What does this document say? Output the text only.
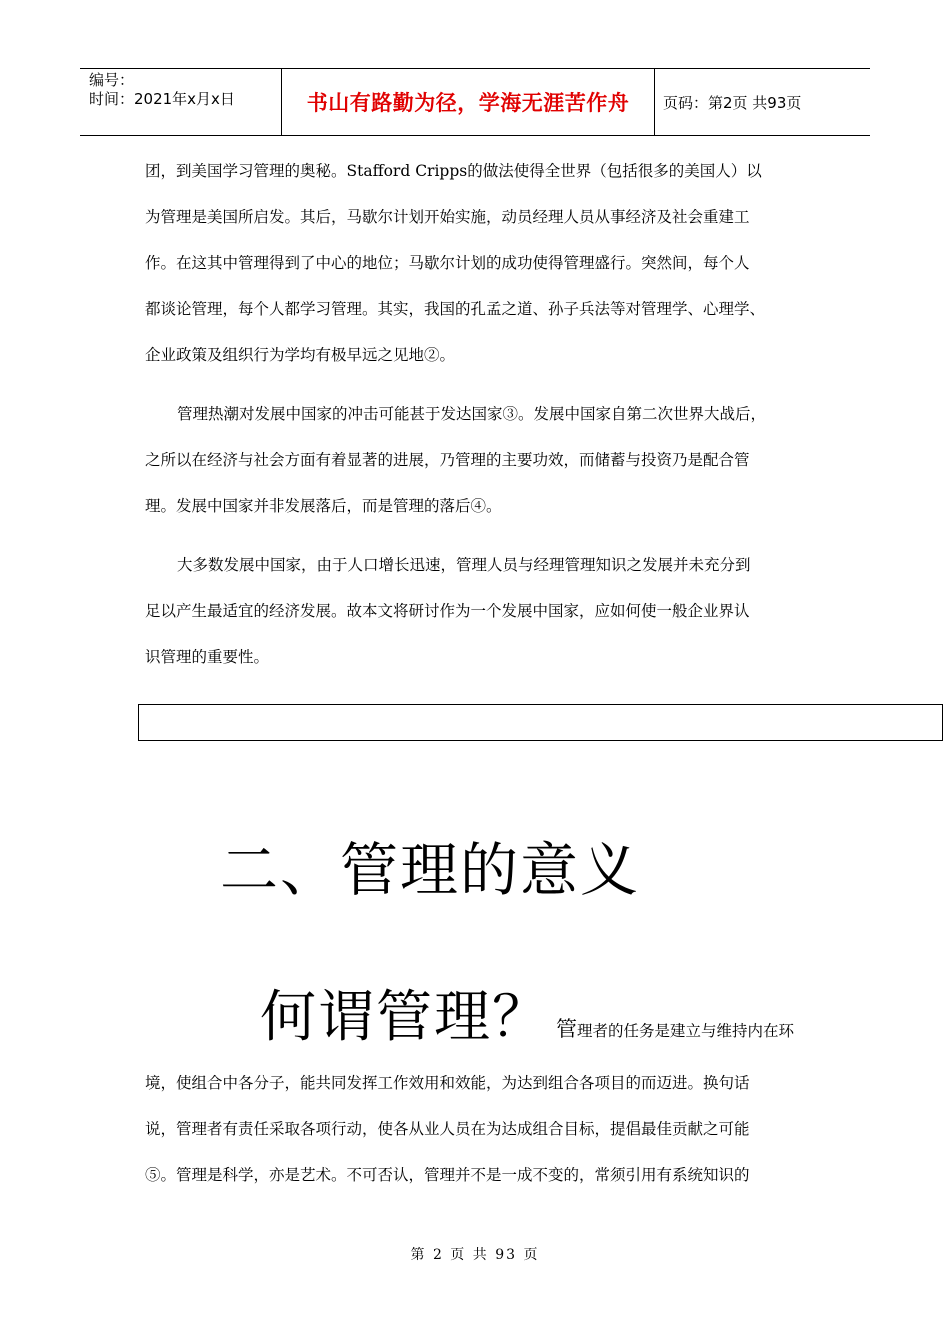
编号：
时间：2021年x月x日	书山有路勤为径，学海无涯苦作舟	页码：第2页 共93页
团，到美国学习管理的奥秘。Stafford Cripps的做法使得全世界（包括很多的美国人）以
为管理是美国所启发。其后，马歇尔计划开始实施，动员经理人员从事经济及社会重建工
作。在这其中管理得到了中心的地位；马歇尔计划的成功使得管理盛行。突然间，每个人
都谈论管理，每个人都学习管理。其实，我国的孔孟之道、孙子兵法等对管理学、心理学、
企业政策及组织行为学均有极早远之见地②。
管理热潮对发展中国家的冲击可能甚于发达国家③。发展中国家自第二次世界大战后，
之所以在经济与社会方面有着显著的进展，乃管理的主要功效，而储蓄与投资乃是配合管
理。发展中国家并非发展落后，而是管理的落后④。
大多数发展中国家，由于人口增长迅速，管理人员与经理管理知识之发展并未充分到
足以产生最适宜的经济发展。故本文将研讨作为一个发展中国家，应如何使一般企业界认
识管理的重要性。
二、管理的意义
何谓管理 ？ 管 理者的任务是建立与维持内在环
境，使组合中各分子，能共同发挥工作效用和效能，为达到组合各项目的而迈进。换句话
说，管理者有责任采取各项行动，使各从业人员在为达成组合目标，提倡最佳贡献之可能
⑤。管理是科学，亦是艺术。不可否认，管理并不是一成不变的，常须引用有系统知识的
第 2 页 共 93 页
